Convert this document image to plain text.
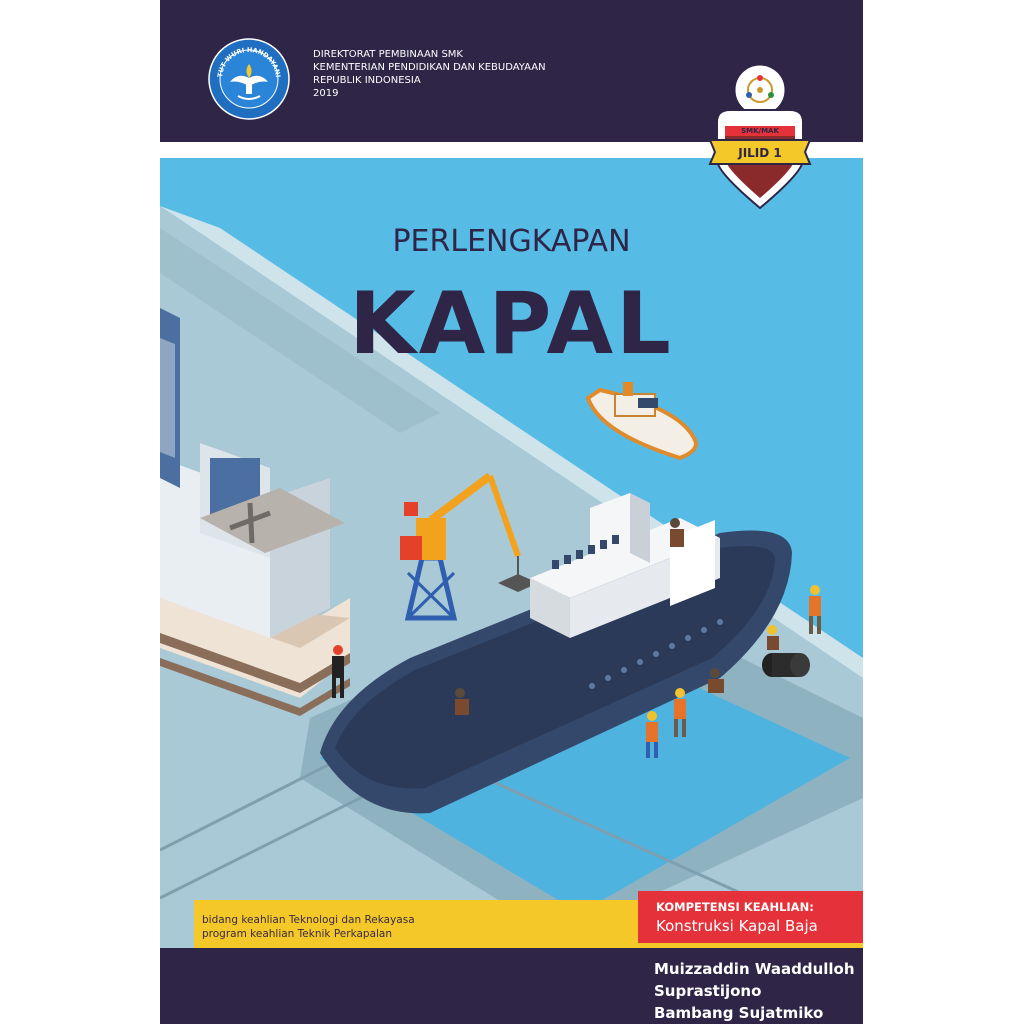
TUT WURI HANDAYANI
DIREKTORAT PEMBINAAN SMK
KEMENTERIAN PENDIDIKAN DAN KEBUDAYAAN
REPUBLIK INDONESIA
2019
PERLENGKAPAN
KAPAL
SMK/MAK
JILID 1
bidang keahlian Teknologi dan Rekayasa
program keahlian Teknik Perkapalan
KOMPETENSI KEAHLIAN:
Konstruksi Kapal Baja
Muizzaddin Waaddulloh
Suprastijono
Bambang Sujatmiko
